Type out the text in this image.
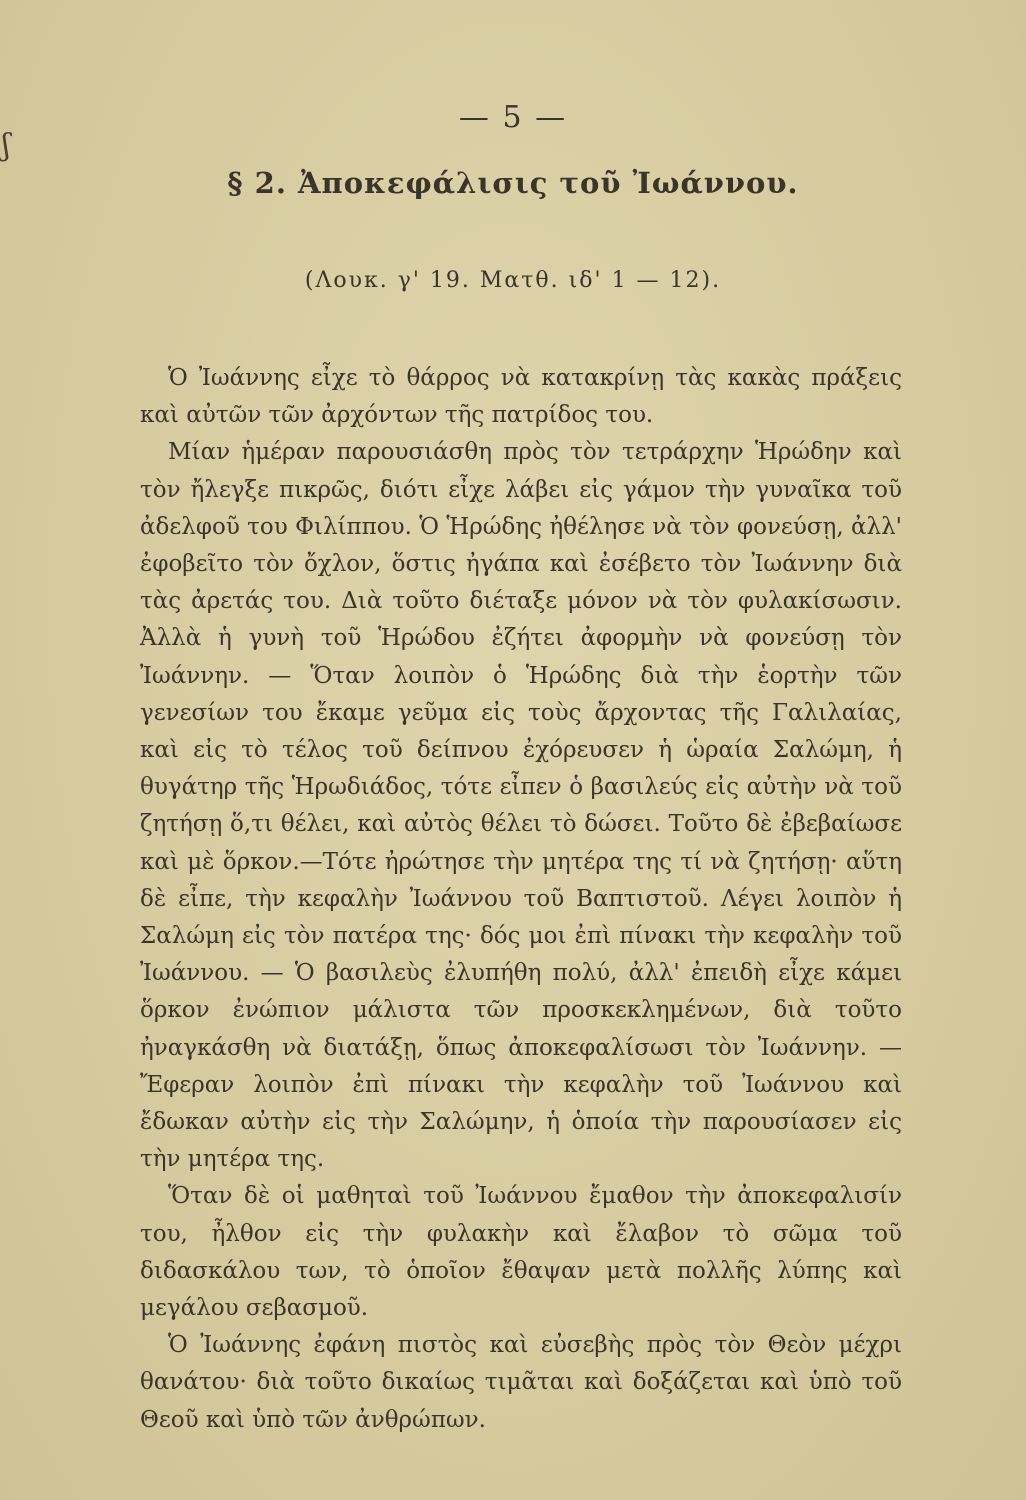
ʃ
— 5 —
§ 2. Ἀποκεφάλισις τοῦ Ἰωάννου.
(Λουκ. γ' 19. Ματθ. ιδ' 1 — 12).

Ὁ Ἰωάννης εἶχε τὸ θάρρος νὰ κατακρίνῃ τὰς κακὰς πράξεις καὶ αὐτῶν τῶν ἀρχόντων τῆς πατρίδος του.

Μίαν ἡμέραν παρουσιάσθη πρὸς τὸν τετράρχην Ἡρώδην καὶ τὸν ἤλεγξε πικρῶς, διότι εἶχε λάβει εἰς γάμον τὴν γυναῖκα τοῦ ἀδελφοῦ του Φιλίππου. Ὁ Ἡρώδης ἠθέλησε νὰ τὸν φονεύσῃ, ἀλλ' ἐφοβεῖτο τὸν ὄχλον, ὅστις ἠγάπα καὶ ἐσέβετο τὸν Ἰωάννην διὰ τὰς ἀρετάς του. Διὰ τοῦτο διέταξε μόνον νὰ τὸν φυλακίσωσιν. Ἀλλὰ ἡ γυνὴ τοῦ Ἡρώδου ἐζήτει ἀφορμὴν νὰ φονεύσῃ τὸν Ἰωάννην. — Ὅταν λοιπὸν ὁ Ἡρώδης διὰ τὴν ἑορτὴν τῶν γενεσίων του ἔκαμε γεῦμα εἰς τοὺς ἄρχοντας τῆς Γαλιλαίας, καὶ εἰς τὸ τέλος τοῦ δείπνου ἐχόρευσεν ἡ ὡραία Σαλώμη, ἡ θυγάτηρ τῆς Ἡρωδιάδος, τότε εἶπεν ὁ βασιλεύς εἰς αὐτὴν νὰ τοῦ ζητήσῃ ὅ,τι θέλει, καὶ αὐτὸς θέλει τὸ δώσει. Τοῦτο δὲ ἐβεβαίωσε καὶ μὲ ὅρκον.—Τότε ἠρώτησε τὴν μητέρα της τί νὰ ζητήσῃ· αὕτη δὲ εἶπε, τὴν κεφαλὴν Ἰωάννου τοῦ Βαπτιστοῦ. Λέγει λοιπὸν ἡ Σαλώμη εἰς τὸν πατέρα της· δός μοι ἐπὶ πίνακι τὴν κεφαλὴν τοῦ Ἰωάννου. — Ὁ βασιλεὺς ἐλυπήθη πολύ, ἀλλ' ἐπειδὴ εἶχε κάμει ὅρκον ἐνώπιον μάλιστα τῶν προσκεκλημένων, διὰ τοῦτο ἠναγκάσθη νὰ διατάξῃ, ὅπως ἀποκεφαλίσωσι τὸν Ἰωάννην. — Ἔφεραν λοιπὸν ἐπὶ πίνακι τὴν κεφαλὴν τοῦ Ἰωάννου καὶ ἔδωκαν αὐτὴν εἰς τὴν Σαλώμην, ἡ ὁποία τὴν παρουσίασεν εἰς τὴν μητέρα της.

Ὅταν δὲ οἱ μαθηταὶ τοῦ Ἰωάννου ἔμαθον τὴν ἀποκεφαλισίν του, ἦλθον εἰς τὴν φυλακὴν καὶ ἔλαβον τὸ σῶμα τοῦ διδασκάλου των, τὸ ὁποῖον ἔθαψαν μετὰ πολλῆς λύπης καὶ μεγάλου σεβασμοῦ.

Ὁ Ἰωάννης ἐφάνη πιστὸς καὶ εὐσεβὴς πρὸς τὸν Θεὸν μέχρι θανάτου· διὰ τοῦτο δικαίως τιμᾶται καὶ δοξάζεται καὶ ὑπὸ τοῦ Θεοῦ καὶ ὑπὸ τῶν ἀνθρώπων.
